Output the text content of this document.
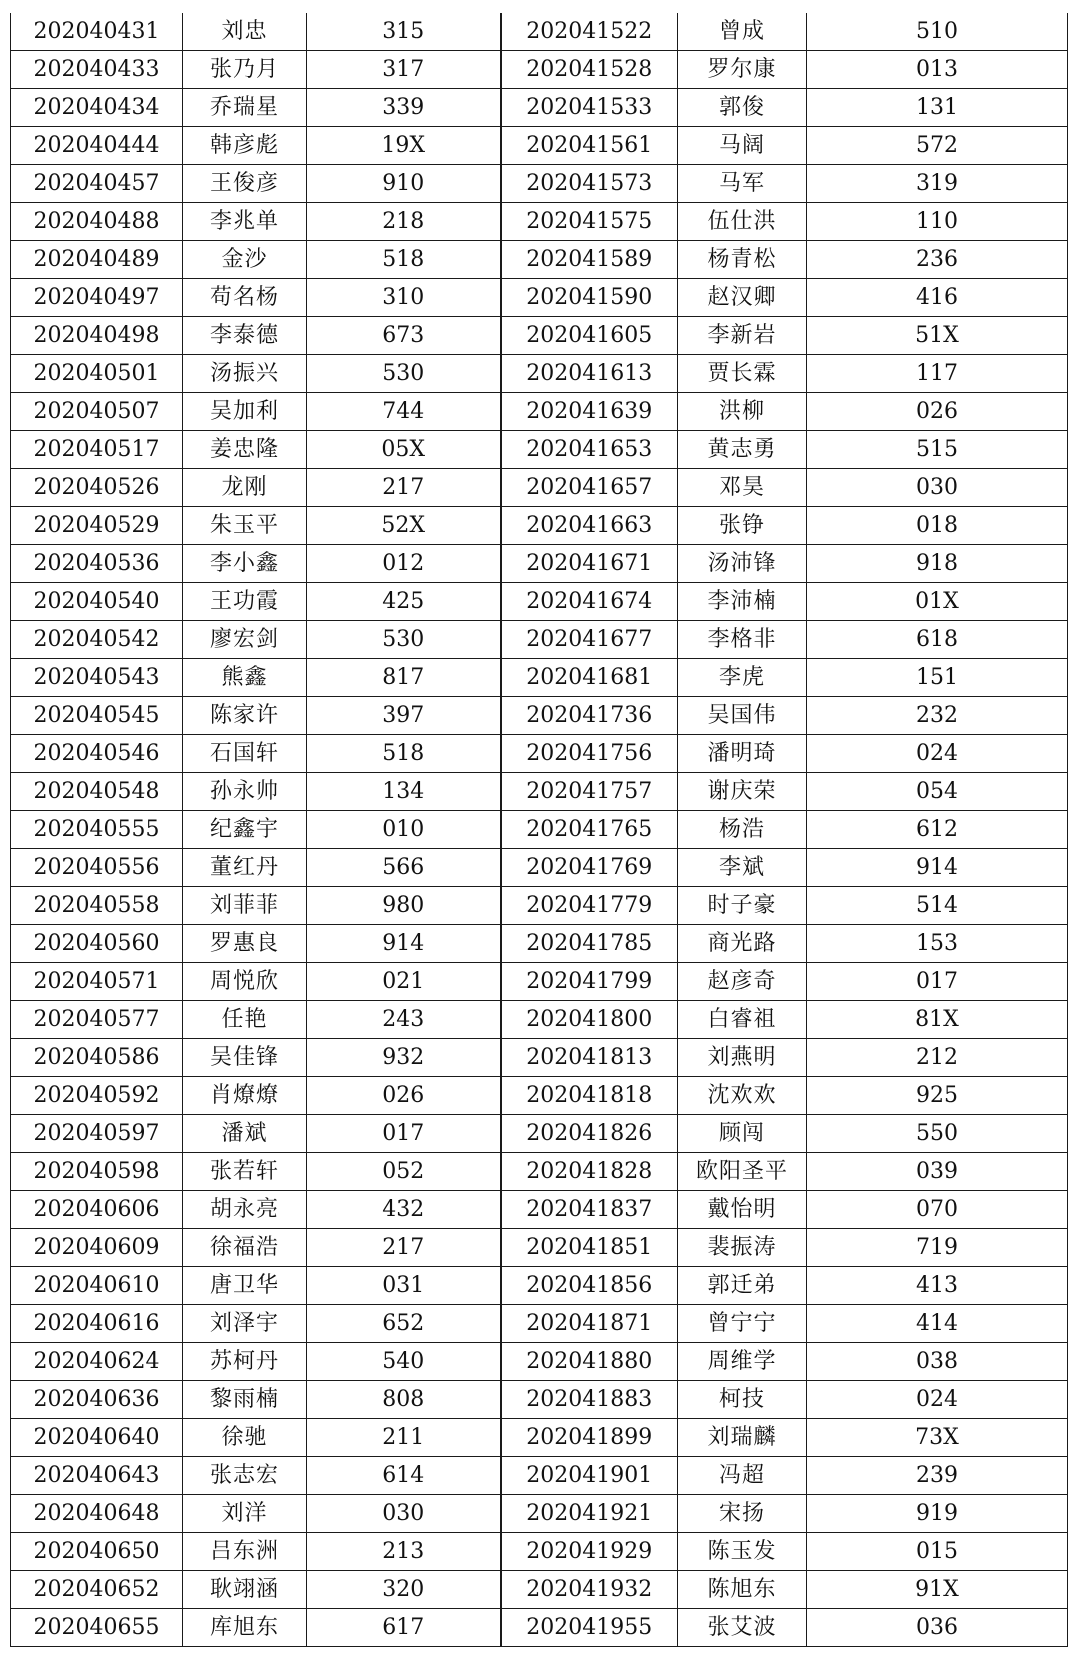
202040431	刘忠	315	202041522	曾成	510
202040433	张乃月	317	202041528	罗尔康	013
202040434	乔瑞星	339	202041533	郭俊	131
202040444	韩彦彪	19X	202041561	马阔	572
202040457	王俊彦	910	202041573	马军	319
202040488	李兆单	218	202041575	伍仕洪	110
202040489	金沙	518	202041589	杨青松	236
202040497	苟名杨	310	202041590	赵汉卿	416
202040498	李泰德	673	202041605	李新岩	51X
202040501	汤振兴	530	202041613	贾长霖	117
202040507	吴加利	744	202041639	洪柳	026
202040517	姜忠隆	05X	202041653	黄志勇	515
202040526	龙刚	217	202041657	邓昊	030
202040529	朱玉平	52X	202041663	张铮	018
202040536	李小鑫	012	202041671	汤沛锋	918
202040540	王功霞	425	202041674	李沛楠	01X
202040542	廖宏剑	530	202041677	李格非	618
202040543	熊鑫	817	202041681	李虎	151
202040545	陈家许	397	202041736	吴国伟	232
202040546	石国轩	518	202041756	潘明琦	024
202040548	孙永帅	134	202041757	谢庆荣	054
202040555	纪鑫宇	010	202041765	杨浩	612
202040556	董红丹	566	202041769	李斌	914
202040558	刘菲菲	980	202041779	时子豪	514
202040560	罗惠良	914	202041785	商光路	153
202040571	周悦欣	021	202041799	赵彦奇	017
202040577	任艳	243	202041800	白睿祖	81X
202040586	吴佳锋	932	202041813	刘燕明	212
202040592	肖燎燎	026	202041818	沈欢欢	925
202040597	潘斌	017	202041826	顾闯	550
202040598	张若轩	052	202041828	欧阳圣平	039
202040606	胡永亮	432	202041837	戴怡明	070
202040609	徐福浩	217	202041851	裴振涛	719
202040610	唐卫华	031	202041856	郭迁弟	413
202040616	刘泽宇	652	202041871	曾宁宁	414
202040624	苏柯丹	540	202041880	周维学	038
202040636	黎雨楠	808	202041883	柯技	024
202040640	徐驰	211	202041899	刘瑞麟	73X
202040643	张志宏	614	202041901	冯超	239
202040648	刘洋	030	202041921	宋扬	919
202040650	吕东洲	213	202041929	陈玉发	015
202040652	耿翊涵	320	202041932	陈旭东	91X
202040655	库旭东	617	202041955	张艾波	036
